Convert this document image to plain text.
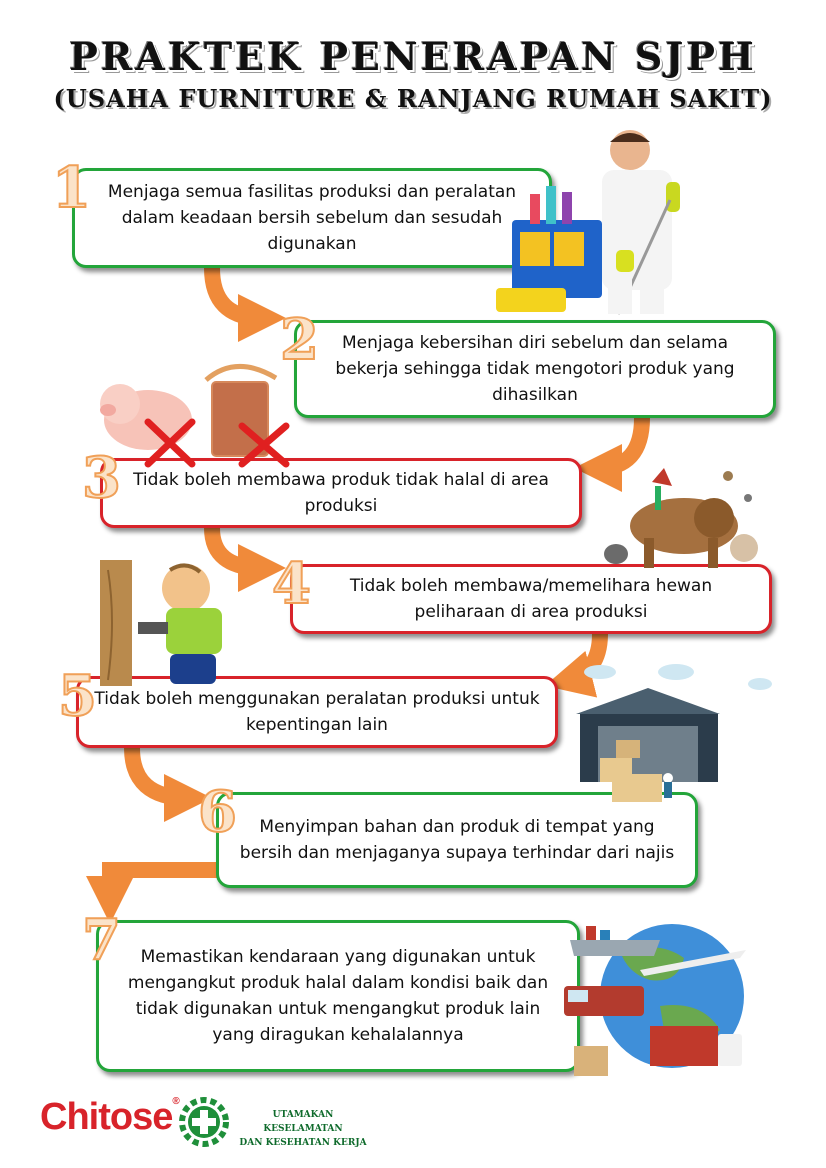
PRAKTEK PENERAPAN SJPH
(USAHA FURNITURE & RANJANG RUMAH SAKIT)
Menjaga semua fasilitas produksi dan peralatan dalam keadaan bersih sebelum dan sesudah digunakan
1
Menjaga kebersihan diri sebelum dan selama bekerja sehingga tidak mengotori produk yang dihasilkan
2
Tidak boleh membawa produk tidak halal di area produksi
3
Tidak boleh membawa/memelihara hewan peliharaan di area produksi
4
Tidak boleh menggunakan peralatan produksi untuk kepentingan lain
5
Menyimpan bahan dan produk di tempat yang bersih dan menjaganya supaya terhindar dari najis
6
Memastikan kendaraan yang digunakan untuk mengangkut produk halal dalam kondisi baik dan tidak digunakan untuk mengangkut produk lain yang diragukan kehalalannya
7
Chitose®
UTAMAKAN KESELAMATAN
DAN KESEHATAN KERJA
